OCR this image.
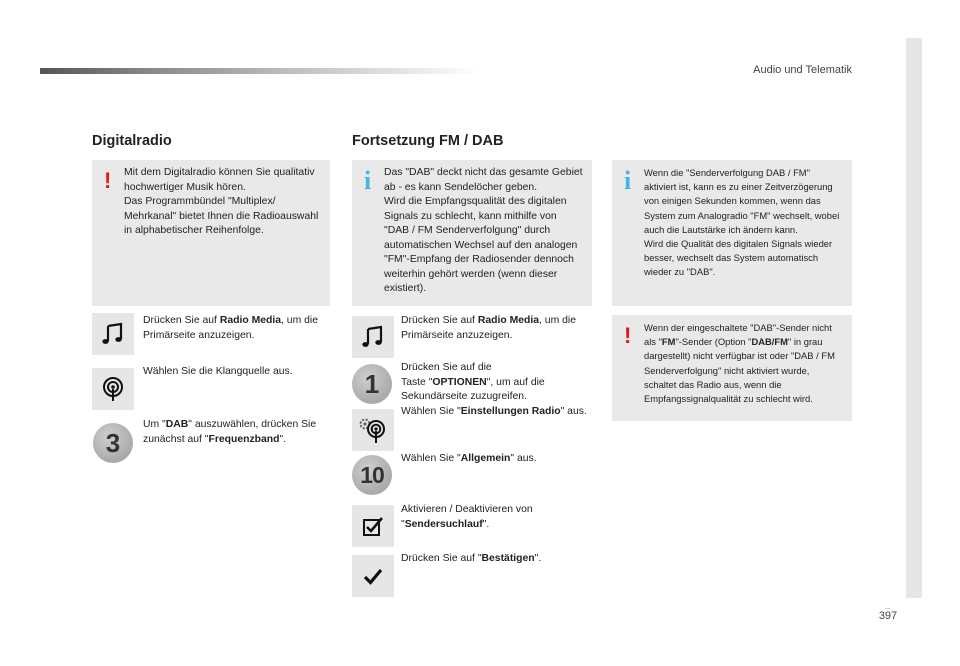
Audio und Telematik
..
397
Digitalradio
!	Mit dem Digitalradio können Sie qualitativ hochwertiger Musik hören.
Das Programmbündel "Multiplex/ Mehrkanal" bietet Ihnen die Radioauswahl in alphabetischer Reihenfolge.
Drücken Sie auf Radio Media, um die Primärseite anzuzeigen.
Wählen Sie die Klangquelle aus.
3
Um "DAB" auszuwählen, drücken Sie zunächst auf "Frequenzband".
Fortsetzung FM / DAB
i	Das "DAB" deckt nicht das gesamte Gebiet ab - es kann Sendelöcher geben.
Wird die Empfangsqualität des digitalen Signals zu schlecht, kann mithilfe von "DAB / FM Senderverfolgung" durch automatischen Wechsel auf den analogen "FM"-Empfang der Radiosender dennoch weiterhin gehört werden (wenn dieser existiert).
Drücken Sie auf Radio Media, um die Primärseite anzuzeigen.
1
Drücken Sie auf die
Taste "OPTIONEN", um auf die Sekundärseite zuzugreifen.
Wählen Sie "Einstellungen Radio" aus.
10
Wählen Sie "Allgemein" aus.
Aktivieren / Deaktivieren von
"Sendersuchlauf".
Drücken Sie auf "Bestätigen".
i	Wenn die "Senderverfolgung DAB / FM" aktiviert ist, kann es zu einer Zeitverzögerung von einigen Sekunden kommen, wenn das System zum Analogradio "FM" wechselt, wobei auch die Lautstärke ich ändern kann.
Wird die Qualität des digitalen Signals wieder besser, wechselt das System automatisch wieder zu "DAB".
!	Wenn der eingeschaltete "DAB"-Sender nicht als "FM"-Sender (Option "DAB/FM" in grau dargestellt) nicht verfügbar ist oder "DAB / FM Senderverfolgung" nicht aktiviert wurde, schaltet das Radio aus, wenn die Empfangssignalqualität zu schlecht wird.
